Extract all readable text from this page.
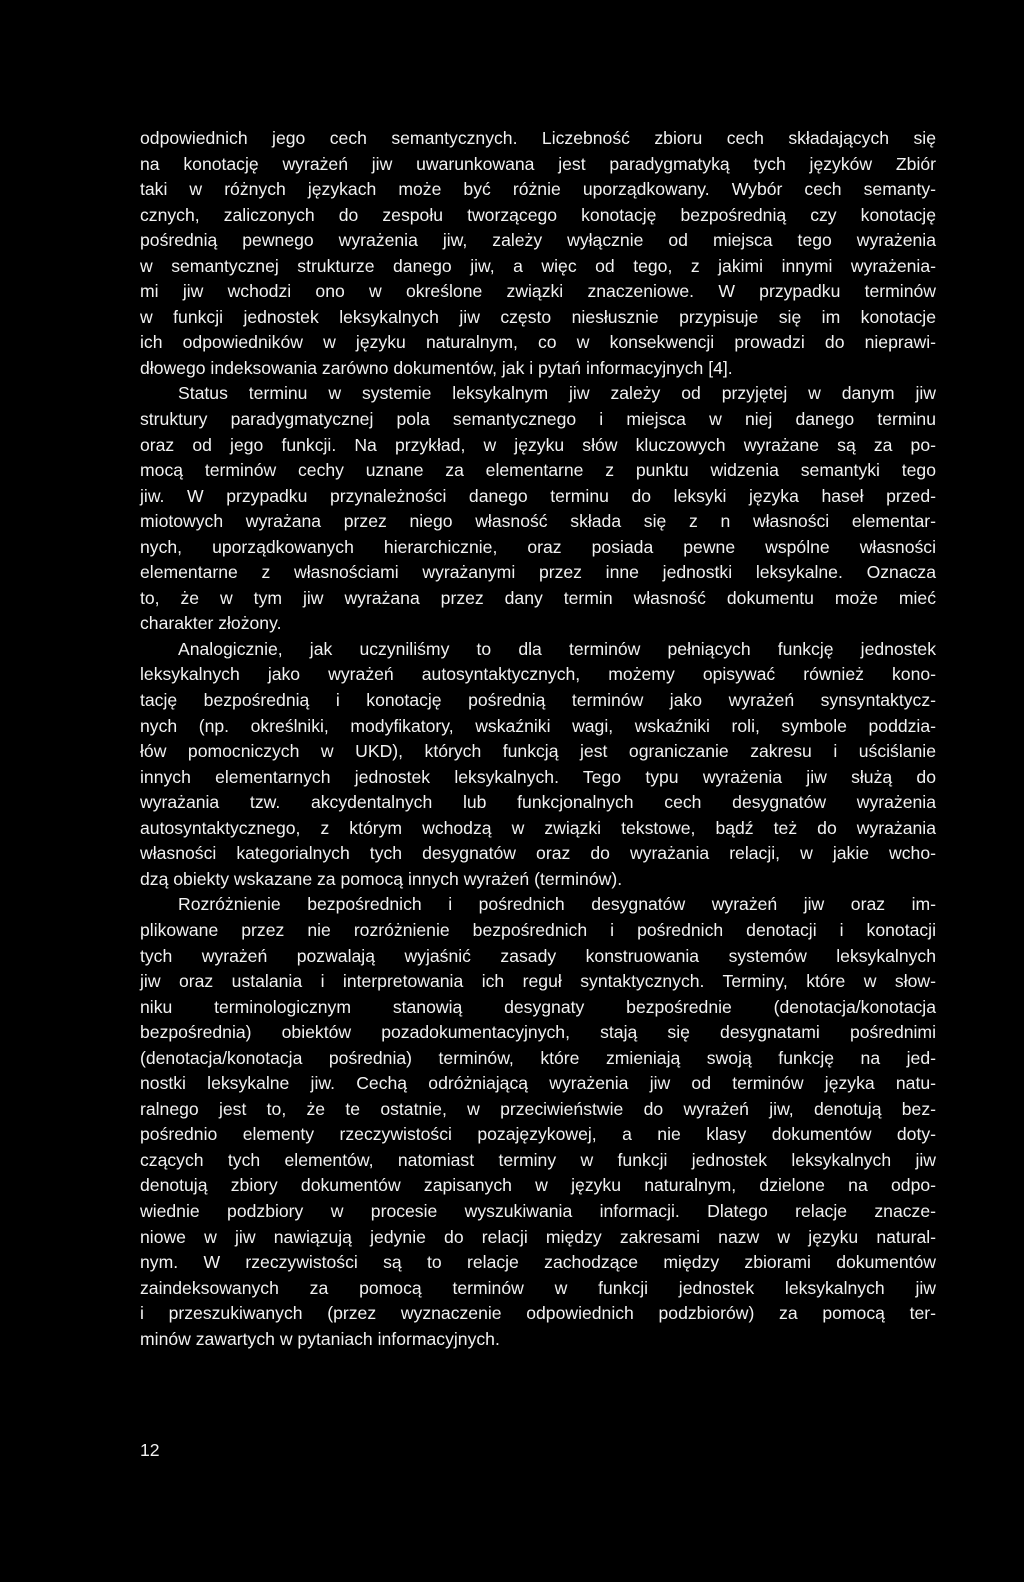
odpowiednich jego cech semantycznych. Liczebność zbioru cech składających się
na konotację wyrażeń jiw uwarunkowana jest paradygmatyką tych języków Zbiór
taki w różnych językach może być różnie uporządkowany. Wybór cech semanty-
cznych, zaliczonych do zespołu tworzącego konotację bezpośrednią czy konotację
pośrednią pewnego wyrażenia jiw, zależy wyłącznie od miejsca tego wyrażenia
w semantycznej strukturze danego jiw, a więc od tego, z jakimi innymi wyrażenia-
mi jiw wchodzi ono w określone związki znaczeniowe. W przypadku terminów
w funkcji jednostek leksykalnych jiw często niesłusznie przypisuje się im konotacje
ich odpowiedników w języku naturalnym, co w konsekwencji prowadzi do nieprawi-
dłowego indeksowania zarówno dokumentów, jak i pytań informacyjnych [4].
Status terminu w systemie leksykalnym jiw zależy od przyjętej w danym jiw
struktury paradygmatycznej pola semantycznego i miejsca w niej danego terminu
oraz od jego funkcji. Na przykład, w języku słów kluczowych wyrażane są za po-
mocą terminów cechy uznane za elementarne z punktu widzenia semantyki tego
jiw. W przypadku przynależności danego terminu do leksyki języka haseł przed-
miotowych wyrażana przez niego własność składa się z n własności elementar-
nych, uporządkowanych hierarchicznie, oraz posiada pewne wspólne własności
elementarne z własnościami wyrażanymi przez inne jednostki leksykalne. Oznacza
to, że w tym jiw wyrażana przez dany termin własność dokumentu może mieć
charakter złożony.
Analogicznie, jak uczyniliśmy to dla terminów pełniących funkcję jednostek
leksykalnych jako wyrażeń autosyntaktycznych, możemy opisywać również kono-
tację bezpośrednią i konotację pośrednią terminów jako wyrażeń synsyntaktycz-
nych (np. określniki, modyfikatory, wskaźniki wagi, wskaźniki roli, symbole poddzia-
łów pomocniczych w UKD), których funkcją jest ograniczanie zakresu i uściślanie
innych elementarnych jednostek leksykalnych. Tego typu wyrażenia jiw służą do
wyrażania tzw. akcydentalnych lub funkcjonalnych cech desygnatów wyrażenia
autosyntaktycznego, z którym wchodzą w związki tekstowe, bądź też do wyrażania
własności kategorialnych tych desygnatów oraz do wyrażania relacji, w jakie wcho-
dzą obiekty wskazane za pomocą innych wyrażeń (terminów).
Rozróżnienie bezpośrednich i pośrednich desygnatów wyrażeń jiw oraz im-
plikowane przez nie rozróżnienie bezpośrednich i pośrednich denotacji i konotacji
tych wyrażeń pozwalają wyjaśnić zasady konstruowania systemów leksykalnych
jiw oraz ustalania i interpretowania ich reguł syntaktycznych. Terminy, które w słow-
niku terminologicznym stanowią desygnaty bezpośrednie (denotacja/konotacja
bezpośrednia) obiektów pozadokumentacyjnych, stają się desygnatami pośrednimi
(denotacja/konotacja pośrednia) terminów, które zmieniają swoją funkcję na jed-
nostki leksykalne jiw. Cechą odróżniającą wyrażenia jiw od terminów języka natu-
ralnego jest to, że te ostatnie, w przeciwieństwie do wyrażeń jiw, denotują bez-
pośrednio elementy rzeczywistości pozajęzykowej, a nie klasy dokumentów doty-
czących tych elementów, natomiast terminy w funkcji jednostek leksykalnych jiw
denotują zbiory dokumentów zapisanych w języku naturalnym, dzielone na odpo-
wiednie podzbiory w procesie wyszukiwania informacji. Dlatego relacje znacze-
niowe w jiw nawiązują jedynie do relacji między zakresami nazw w języku natural-
nym. W rzeczywistości są to relacje zachodzące między zbiorami dokumentów
zaindeksowanych za pomocą terminów w funkcji jednostek leksykalnych jiw
i przeszukiwanych (przez wyznaczenie odpowiednich podzbiorów) za pomocą ter-
minów zawartych w pytaniach informacyjnych.
12
